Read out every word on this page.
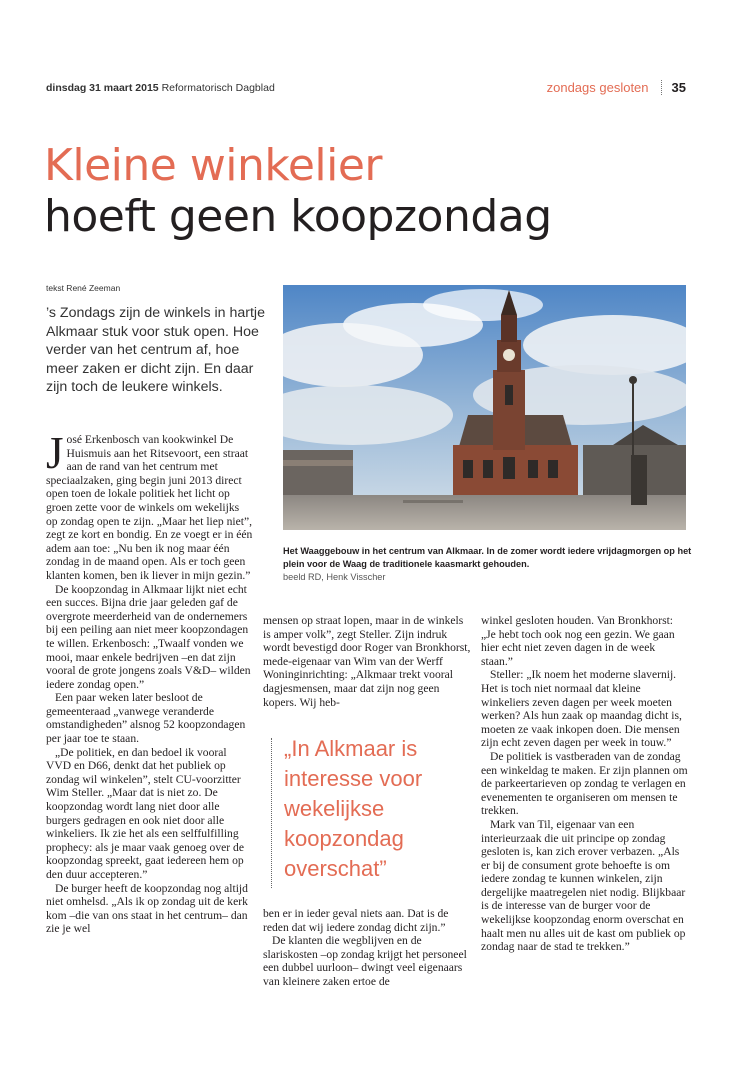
dinsdag 31 maart 2015 Reformatorisch Dagblad	zondags gesloten 35
Kleine winkelier
hoeft geen koopzondag
tekst René Zeeman
’s Zondags zijn de winkels in hartje Alkmaar stuk voor stuk open. Hoe verder van het centrum af, hoe meer zaken er dicht zijn. En daar zijn toch de leukere winkels.
Het Waaggebouw in het centrum van Alkmaar. In de zomer wordt iedere vrijdagmorgen op het plein voor de Waag de traditionele kaasmarkt gehouden.
beeld RD, Henk Visscher

José Erkenbosch van kookwinkel De Huismuis aan het Ritsevoort, een straat aan de rand van het centrum met speciaalzaken, ging begin juni 2013 direct open toen de lokale politiek het licht op groen zette voor de winkels om wekelijks op zondag open te zijn. „Maar het liep niet”, zegt ze kort en bondig. En ze voegt er in één adem aan toe: „Nu ben ik nog maar één zondag in de maand open. Als er toch geen klanten komen, ben ik liever in mijn gezin.”

De koopzondag in Alkmaar lijkt niet echt een succes. Bijna drie jaar geleden gaf de overgrote meerderheid van de ondernemers bij een peiling aan niet meer koopzondagen te willen. Erkenbosch: „Twaalf vonden we mooi, maar enkele bedrijven –en dat zijn vooral de grote jongens zoals V&D– wilden iedere zondag open.”

Een paar weken later besloot de gemeenteraad „vanwege veranderde omstandigheden” alsnog 52 koopzondagen per jaar toe te staan.

„De politiek, en dan bedoel ik vooral VVD en D66, denkt dat het publiek op zondag wil winkelen”, stelt CU-voorzitter Wim Steller. „Maar dat is niet zo. De koopzondag wordt lang niet door alle burgers gedragen en ook niet door alle winkeliers. Ik zie het als een selffulfilling prophecy: als je maar vaak genoeg over de koopzondag spreekt, gaat iedereen hem op den duur accepteren.”

De burger heeft de koopzondag nog altijd niet omhelsd. „Als ik op zondag uit de kerk kom –die van ons staat in het centrum– dan zie je wel

mensen op straat lopen, maar in de winkels is amper volk”, zegt Steller. Zijn indruk wordt bevestigd door Roger van Bronkhorst, mede-eigenaar van Wim van der Werff Woninginrichting: „Alkmaar trekt vooral dagjesmensen, maar dat zijn nog geen kopers. Wij heb-

„In Alkmaar is interesse voor wekelijkse koopzondag overschat”

ben er in ieder geval niets aan. Dat is de reden dat wij iedere zondag dicht zijn.”

De klanten die wegblijven en de slariskosten –op zondag krijgt het personeel een dubbel uurloon– dwingt veel eigenaars van kleinere zaken ertoe de

winkel gesloten houden. Van Bronkhorst: „Je hebt toch ook nog een gezin. We gaan hier echt niet zeven dagen in de week staan.”

Steller: „Ik noem het moderne slavernij. Het is toch niet normaal dat kleine winkeliers zeven dagen per week moeten werken? Als hun zaak op maandag dicht is, moeten ze vaak inkopen doen. Die mensen zijn echt zeven dagen per week in touw.”

De politiek is vastberaden van de zondag een winkeldag te maken. Er zijn plannen om de parkeertarieven op zondag te verlagen en evenementen te organiseren om mensen te trekken.

Mark van Til, eigenaar van een interieurzaak die uit principe op zondag gesloten is, kan zich erover verbazen. „Als er bij de consument grote behoefte is om iedere zondag te kunnen winkelen, zijn dergelijke maatregelen niet nodig. Blijkbaar is de interesse van de burger voor de wekelijkse koopzondag enorm overschat en haalt men nu alles uit de kast om publiek op zondag naar de stad te trekken.”
